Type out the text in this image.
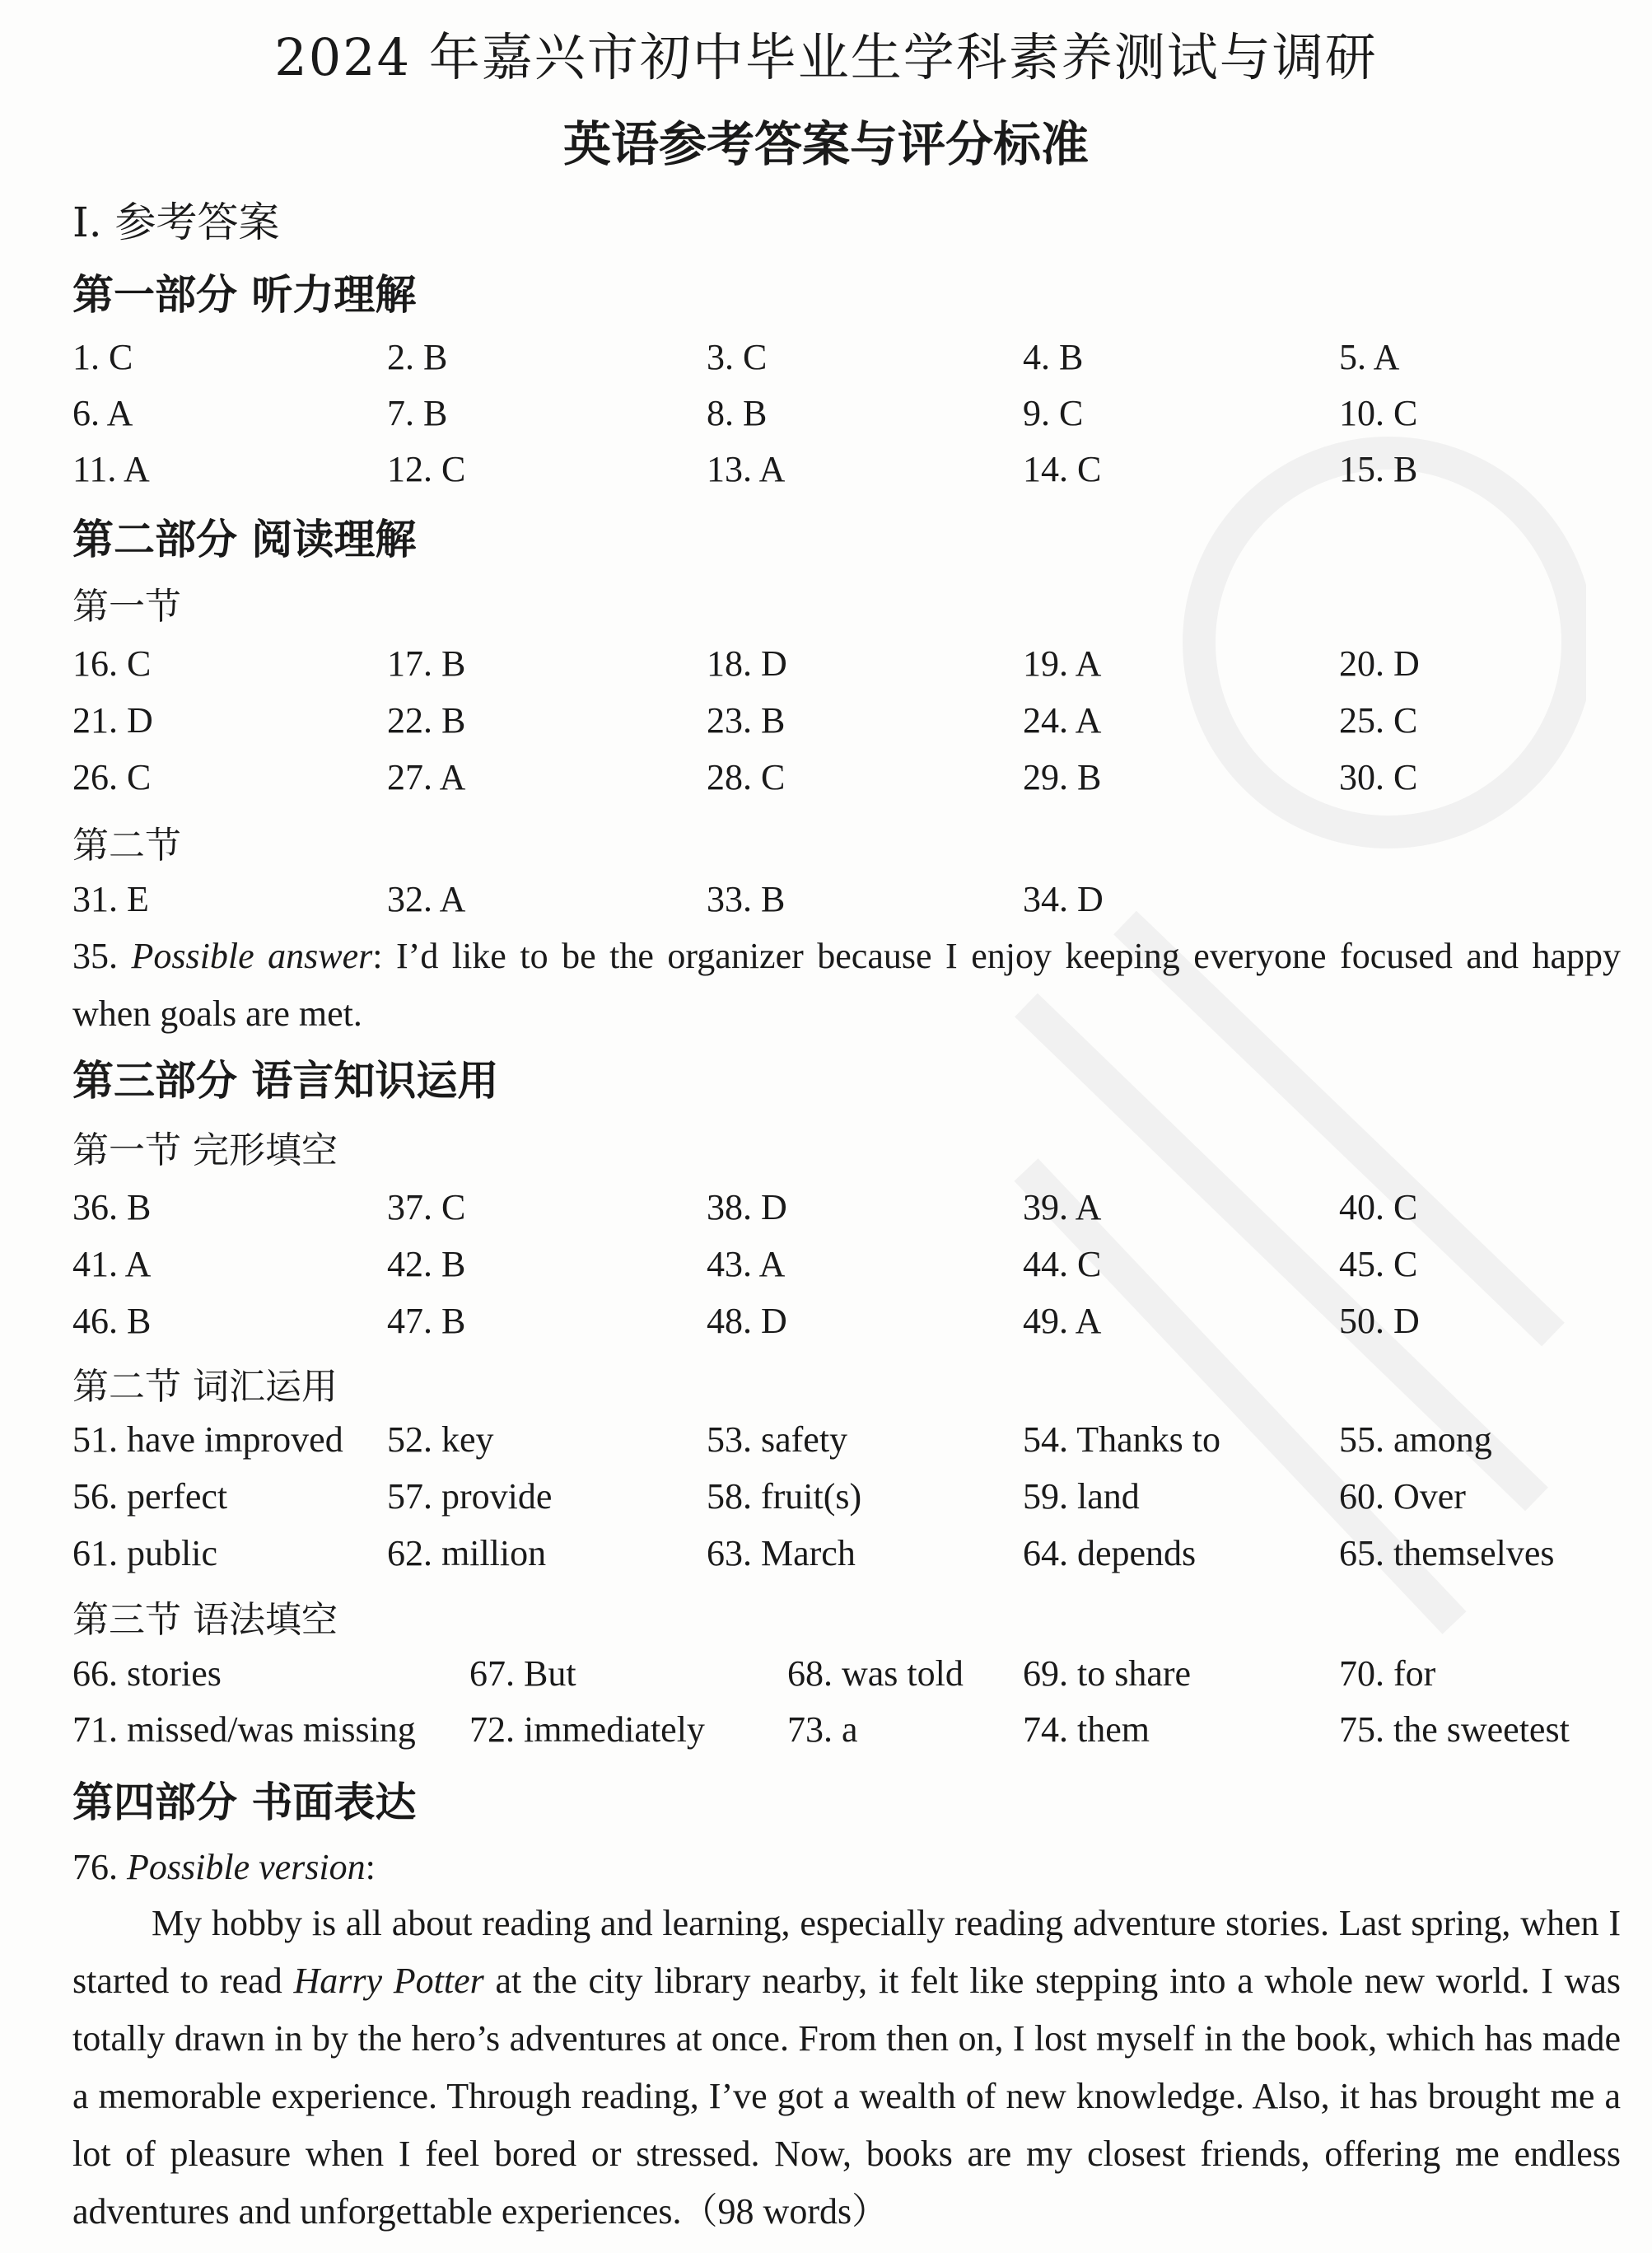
2024 年嘉兴市初中毕业生学科素养测试与调研
英语参考答案与评分标准
I. 参考答案
第一部分 听力理解
1. C	2. B	3. C	4. B	5. A
6. A	7. B	8. B	9. C	10. C
11. A	12. C	13. A	14. C	15. B
第二部分 阅读理解
第一节
16. C	17. B	18. D	19. A	20. D
21. D	22. B	23. B	24. A	25. C
26. C	27. A	28. C	29. B	30. C
第二节
31. E	32. A	33. B	34. D
35. Possible answer: I’d like to be the organizer because I enjoy keeping everyone focused and happy when goals are met.
第三部分 语言知识运用
第一节 完形填空
36. B	37. C	38. D	39. A	40. C
41. A	42. B	43. A	44. C	45. C
46. B	47. B	48. D	49. A	50. D
第二节 词汇运用
51. have improved 52. key	53. safety	54. Thanks to	55. among
56. perfect	57. provide	58. fruit(s)	59. land	60. Over
61. public	62. million	63. March	64. depends	65. themselves
第三节 语法填空
66. stories	67. But	68. was told 69. to share	70. for
71. missed/was missing 72. immediately 73. a	74. them	75. the sweetest
第四部分 书面表达
76. Possible version:
My hobby is all about reading and learning, especially reading adventure stories. Last spring, when I started to read Harry Potter at the city library nearby, it felt like stepping into a whole new world. I was totally drawn in by the hero’s adventures at once. From then on, I lost myself in the book, which has made a memorable experience. Through reading, I’ve got a wealth of new knowledge. Also, it has brought me a lot of pleasure when I feel bored or stressed. Now, books are my closest friends, offering me endless adventures and unforgettable experiences.（98 words）
